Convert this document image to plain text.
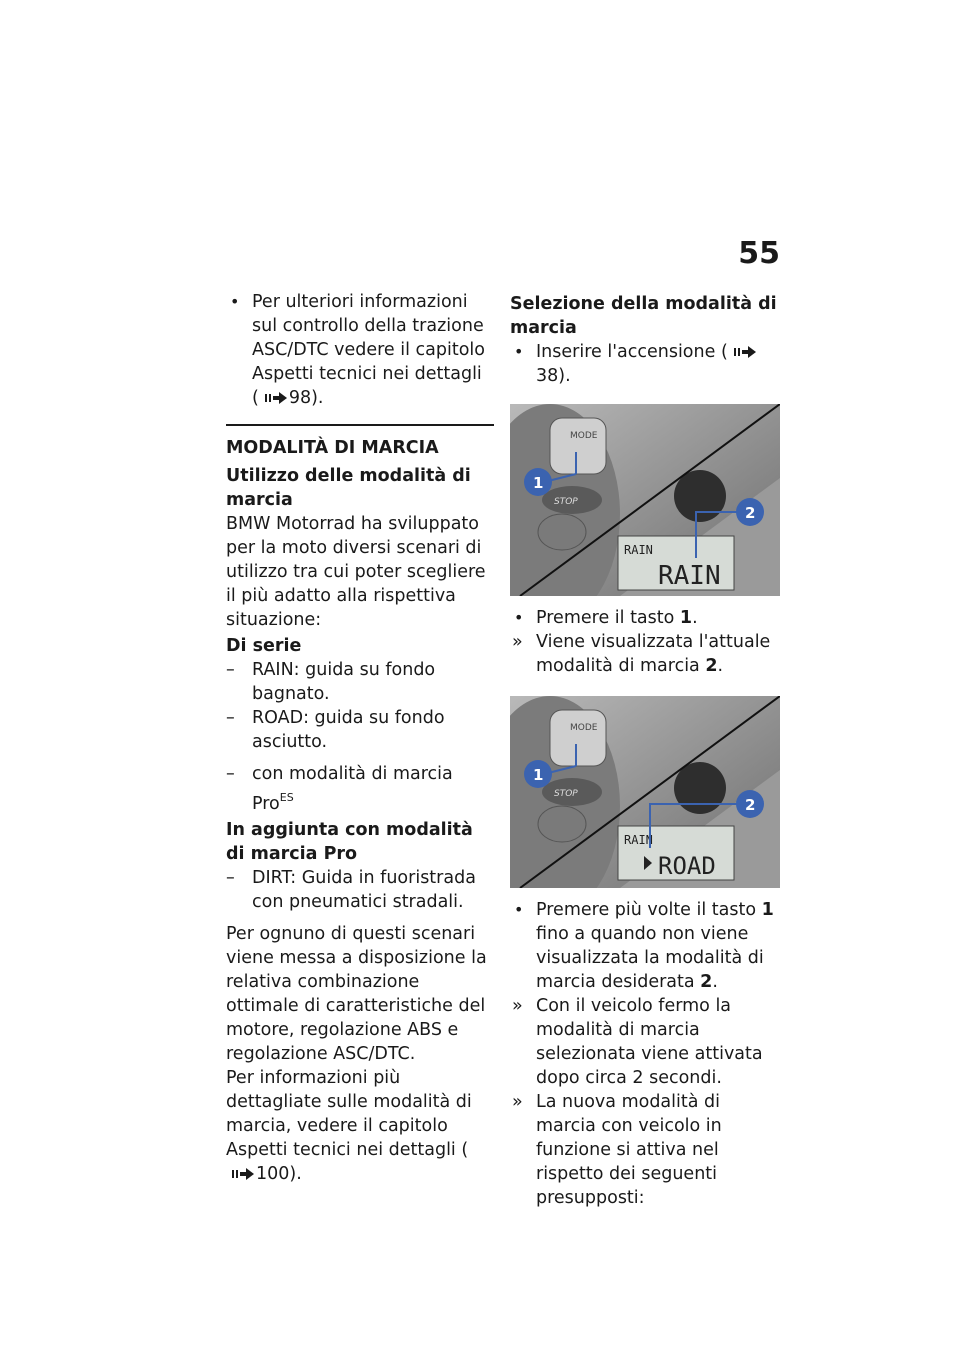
55

• Per ulteriori informazioni sul controllo della trazione ASC/DTC vedere il capitolo Aspetti tecnici nei dettagli ( 98).

MODALITÀ DI MARCIA

Utilizzo delle modalità di marcia

BMW Motorrad ha sviluppato per la moto diversi scenari di utilizzo tra cui poter scegliere il più adatto alla rispettiva situazione:

Di serie

– RAIN: guida su fondo bagnato.

– ROAD: guida su fondo asciutto.

– con modalità di marcia Pro$^{ES}$

In aggiunta con modalità di marcia Pro

– DIRT: Guida in fuoristrada con pneumatici stradali.

Per ognuno di questi scenari viene messa a disposizione la relativa combinazione ottimale di caratteristiche del motore, regolazione ABS e regolazione ASC/DTC.

Per informazioni più dettagliate sulle modalità di marcia, vedere il capitolo Aspetti tecnici nei dettagli (100).

Selezione della modalità di marcia

• Inserire l'accensione (38).

MODE
STOP
RAIN
RAIN
1
2

• Premere il tasto 1.

» Viene visualizzata l'attuale modalità di marcia 2.

MODE
STOP
RAIN
ROAD
1
2

• Premere più volte il tasto 1 fino a quando non viene visualizzata la modalità di marcia desiderata 2.

» Con il veicolo fermo la modalità di marcia selezionata viene attivata dopo circa 2 secondi.

» La nuova modalità di marcia con veicolo in funzione si attiva nel rispetto dei seguenti presupposti:
